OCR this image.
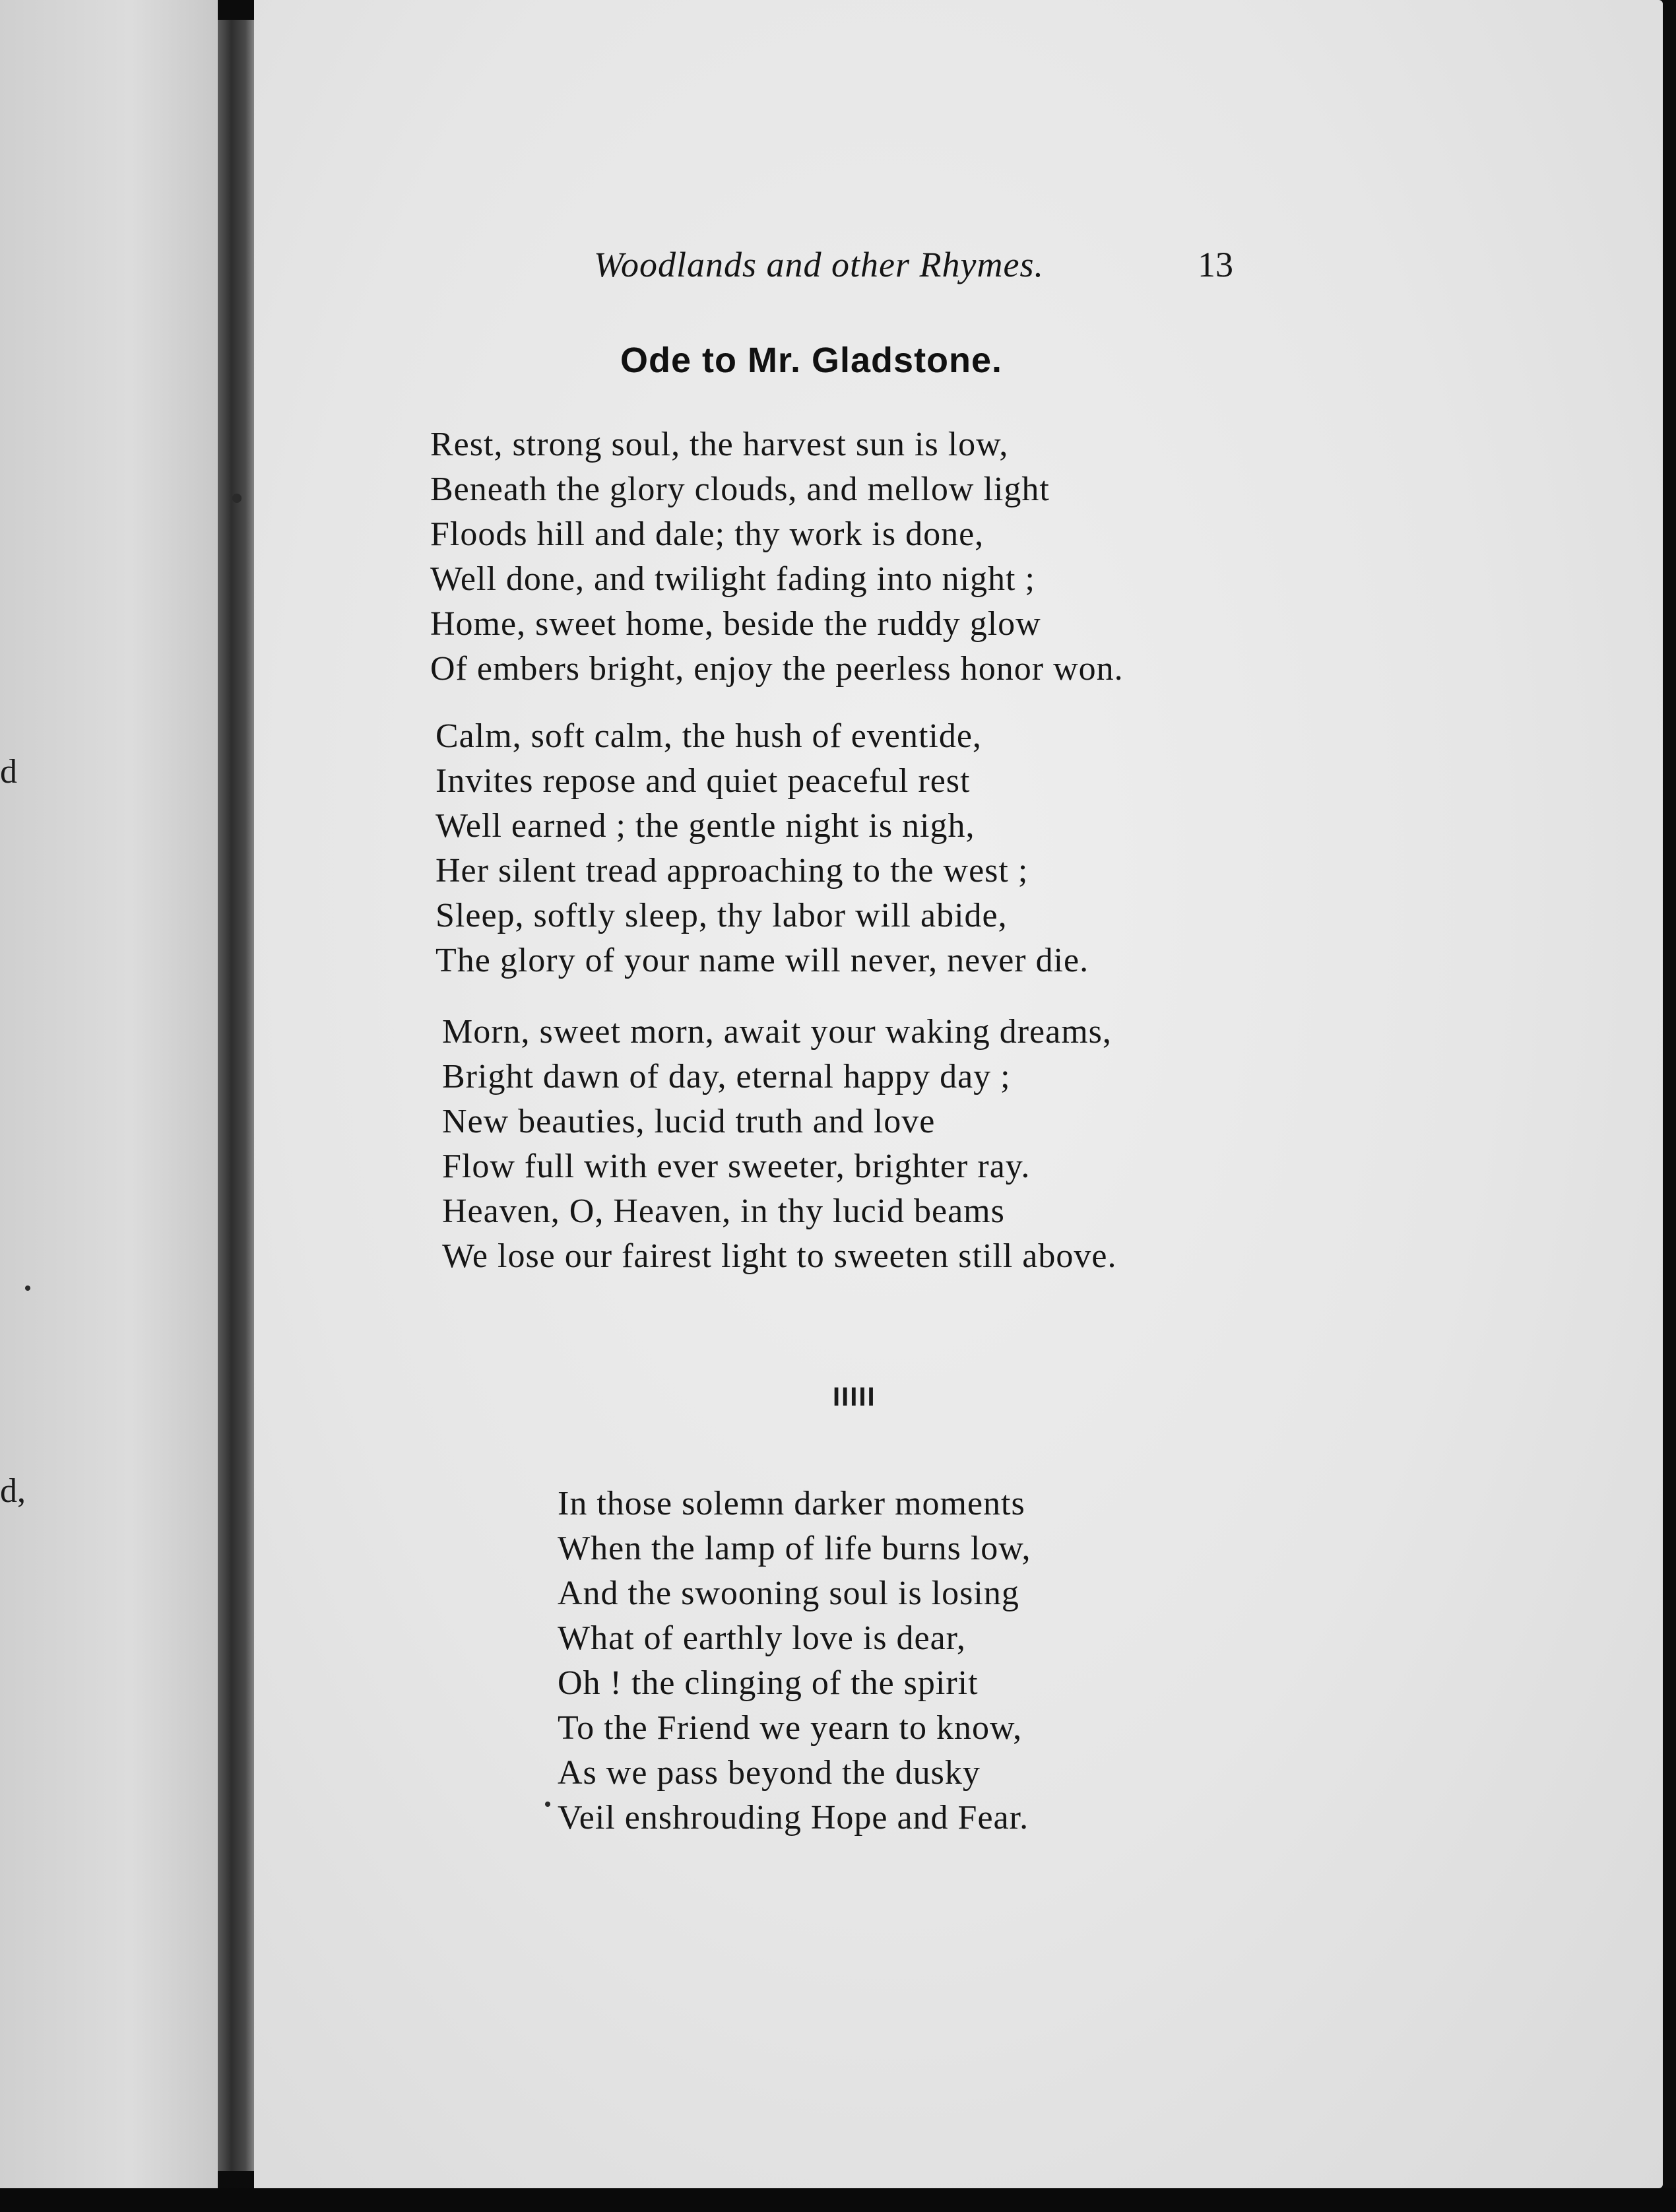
d
d,
Woodlands and other Rhymes.	13
Ode to Mr. Gladstone.
Rest, strong soul, the harvest sun is low,
Beneath the glory clouds, and mellow light
Floods hill and dale; thy work is done,
Well done, and twilight fading into night ;
Home, sweet home, beside the ruddy glow
Of embers bright, enjoy the peerless honor won.
Calm, soft calm, the hush of eventide,
Invites repose and quiet peaceful rest
Well earned ; the gentle night is nigh,
Her silent tread approaching to the west ;
Sleep, softly sleep, thy labor will abide,
The glory of your name will never, never die.
Morn, sweet morn, await your waking dreams,
Bright dawn of day, eternal happy day ;
New beauties, lucid truth and love
Flow full with ever sweeter, brighter ray.
Heaven, O, Heaven, in thy lucid beams
We lose our fairest light to sweeten still above.
IIIII
In those solemn darker moments
When the lamp of life burns low,
And the swooning soul is losing
What of earthly love is dear,
Oh ! the clinging of the spirit
To the Friend we yearn to know,
As we pass beyond the dusky
Veil enshrouding Hope and Fear.
